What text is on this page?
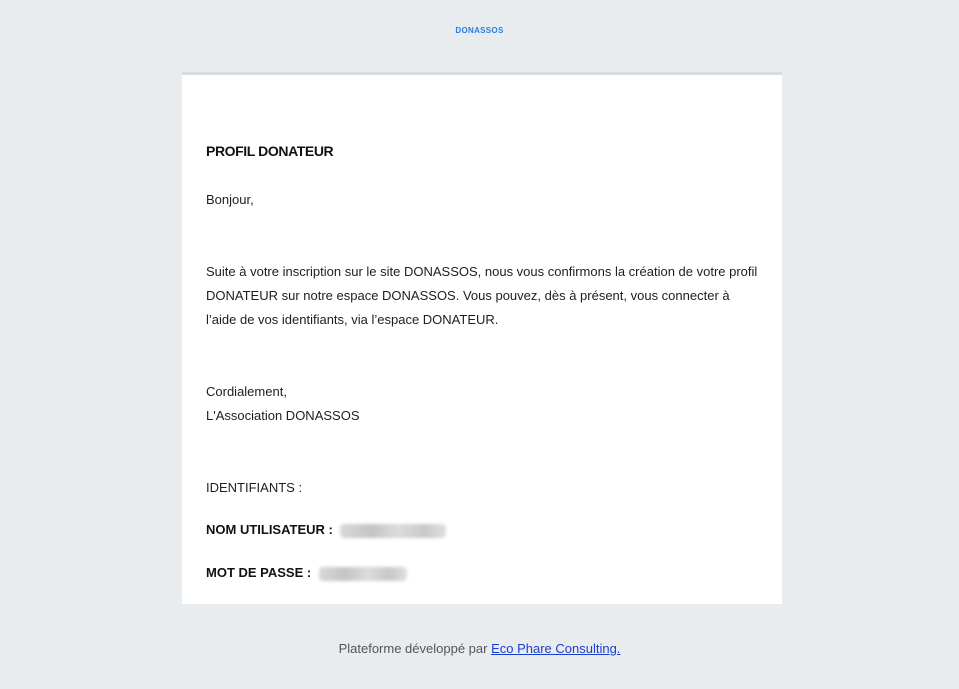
DONASSOS
PROFIL DONATEUR
Bonjour,
Suite à votre inscription sur le site DONASSOS, nous vous confirmons la création de votre profil DONATEUR sur notre espace DONASSOS. Vous pouvez, dès à présent, vous connecter à l’aide de vos identifiants, via l’espace DONATEUR.
Cordialement,
L'Association DONASSOS
IDENTIFIANTS :
NOM UTILISATEUR :
MOT DE PASSE :
Plateforme développé par Eco Phare Consulting.
